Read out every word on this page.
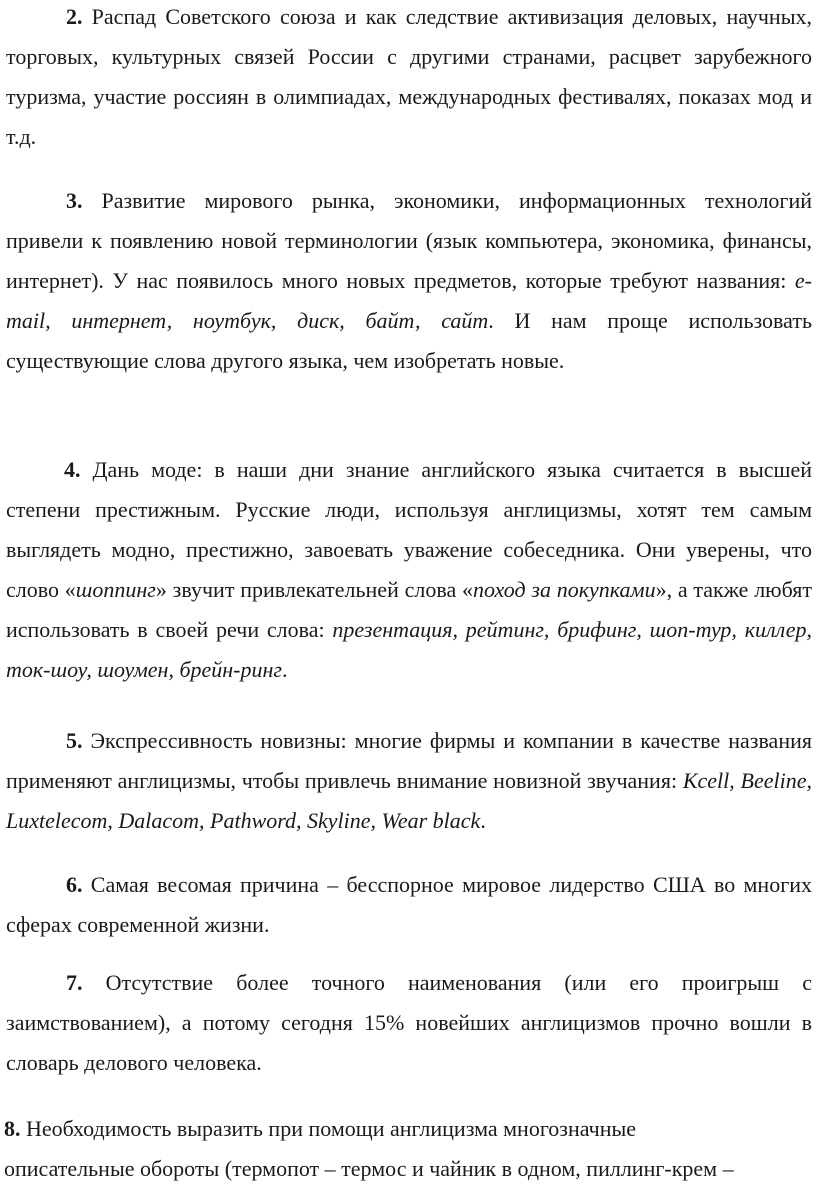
2. Распад Советского союза и как следствие активизация деловых, научных, торговых, культурных связей России с другими странами, расцвет зарубежного туризма, участие россиян в олимпиадах, международных фестивалях, показах мод и т.д.

3. Развитие мирового рынка, экономики, информационных технологий привели к появлению новой терминологии (язык компьютера, экономика, финансы, интернет). У нас появилось много новых предметов, которые требуют названия: e-mail, интернет, ноутбук, диск, байт, сайт. И нам проще использовать существующие слова другого языка, чем изобретать новые.

4. Дань моде: в наши дни знание английского языка считается в высшей степени престижным. Русские люди, используя англицизмы, хотят тем самым выглядеть модно, престижно, завоевать уважение собеседника. Они уверены, что слово «шоппинг» звучит привлекательней слова «поход за покупками», а также любят использовать в своей речи слова: презентация, рейтинг, брифинг, шоп-тур, киллер, ток-шоу, шоумен, брейн-ринг.

5. Экспрессивность новизны: многие фирмы и компании в качестве названия применяют англицизмы, чтобы привлечь внимание новизной звучания: Kcell, Beeline, Luxtelecom, Dalacom, Pathword, Skyline, Wear black.

6. Самая весомая причина – бесспорное мировое лидерство США во многих сферах современной жизни.

7. Отсутствие более точного наименования (или его проигрыш с заимствованием), а потому сегодня 15% новейших англицизмов прочно вошли в словарь делового человека.

8. Необходимость выразить при помощи англицизма многозначные
описательные обороты (термопот – термос и чайник в одном, пиллинг-крем –
